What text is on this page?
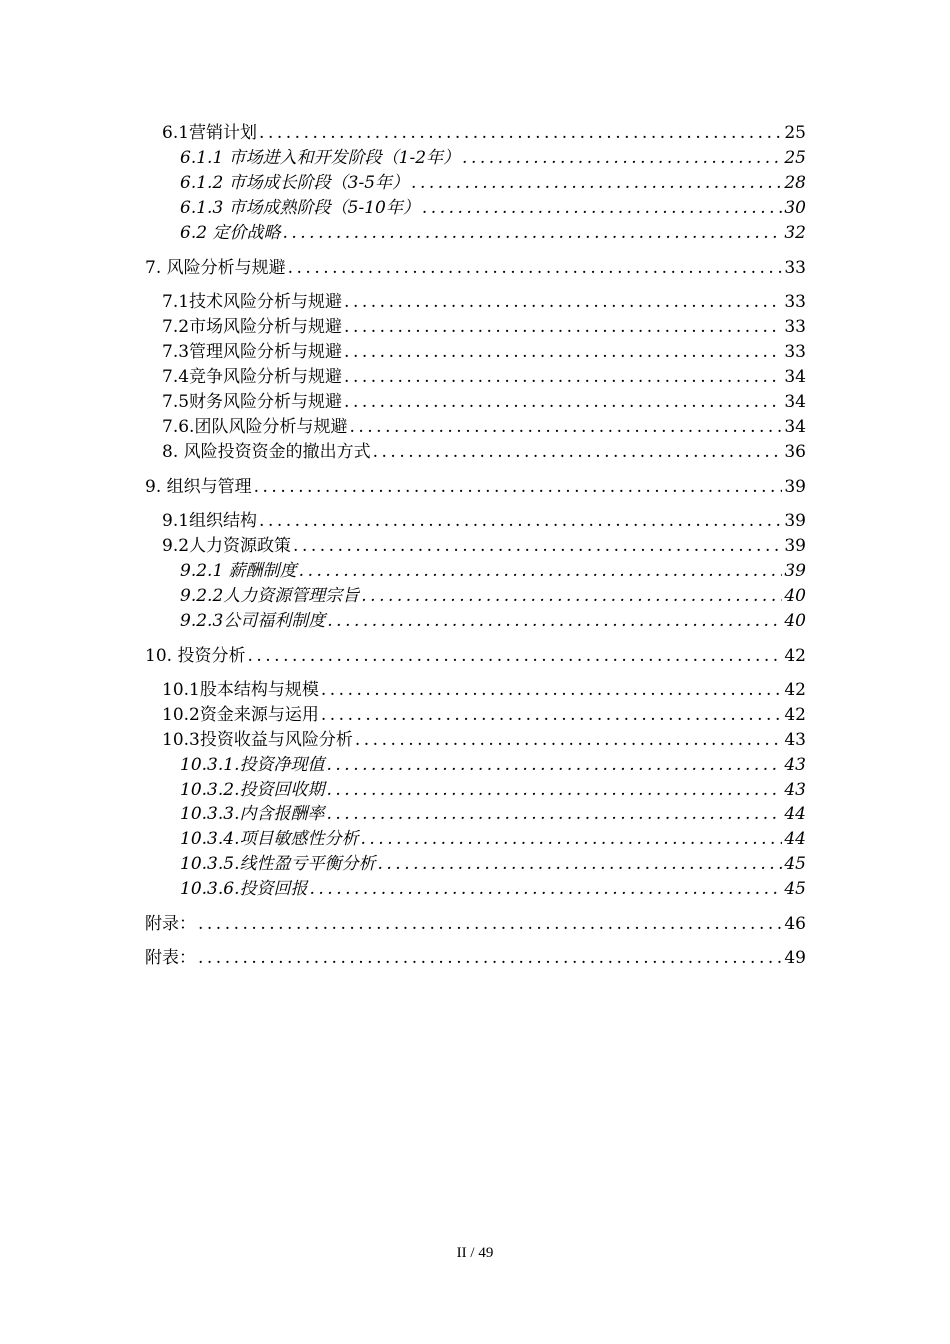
6.1营销计划 .....	25
6.1.1 市场进入和开发阶段（1-2年） .....	25
6.1.2 市场成长阶段（3-5年） .....	28
6.1.3 市场成熟阶段（5-10年） .....	30
6.2 定价战略 .....	32
7. 风险分析与规避 .....	33
7.1技术风险分析与规避 .....	33
7.2市场风险分析与规避 .....	33
7.3管理风险分析与规避 .....	33
7.4竞争风险分析与规避 .....	34
7.5财务风险分析与规避 .....	34
7.6.团队风险分析与规避 .....	34
8. 风险投资资金的撤出方式 .....	36
9. 组织与管理 .....	39
9.1组织结构 .....	39
9.2人力资源政策 .....	39
9.2.1 薪酬制度 .....	39
9.2.2人力资源管理宗旨 .....	40
9.2.3公司福利制度 .....	40
10. 投资分析 .....	42
10.1股本结构与规模 .....	42
10.2资金来源与运用 .....	42
10.3投资收益与风险分析 .....	43
10.3.1.投资净现值 .....	43
10.3.2.投资回收期 .....	43
10.3.3.内含报酬率 .....	44
10.3.4.项目敏感性分析 .....	44
10.3.5.线性盈亏平衡分析 .....	45
10.3.6.投资回报 .....	45
附录： .....	46
附表： .....	49
II / 49
